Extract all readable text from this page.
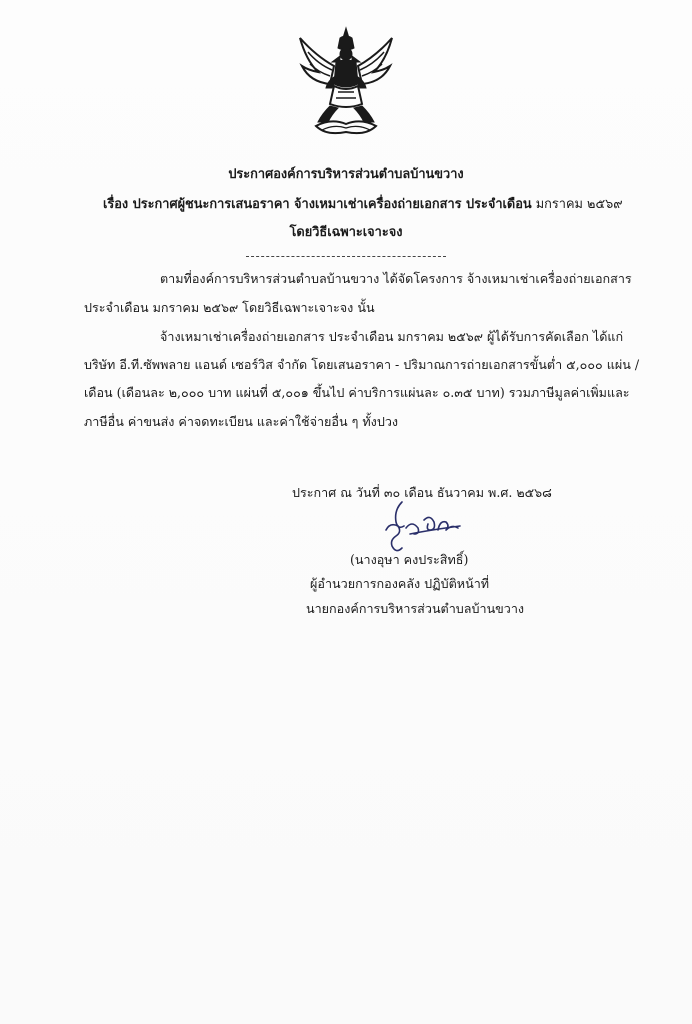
ประกาศองค์การบริหารส่วนตำบลบ้านขวาง
เรื่อง ประกาศผู้ชนะการเสนอราคา จ้างเหมาเช่าเครื่องถ่ายเอกสาร ประจำเดือน มกราคม ๒๕๖๙
โดยวิธีเฉพาะเจาะจง
ตามที่องค์การบริหารส่วนตำบลบ้านขวาง ได้จัดโครงการ จ้างเหมาเช่าเครื่องถ่ายเอกสาร
ประจำเดือน มกราคม ๒๕๖๙ โดยวิธีเฉพาะเจาะจง นั้น
จ้างเหมาเช่าเครื่องถ่ายเอกสาร ประจำเดือน มกราคม ๒๕๖๙ ผู้ได้รับการคัดเลือก ได้แก่
บริษัท อี.ที.ซัพพลาย แอนด์ เซอร์วิส จำกัด โดยเสนอราคา - ปริมาณการถ่ายเอกสารขั้นต่ำ ๕,๐๐๐ แผ่น /
เดือน (เดือนละ ๒,๐๐๐ บาท แผ่นที่ ๕,๐๐๑ ขึ้นไป ค่าบริการแผ่นละ ๐.๓๕ บาท) รวมภาษีมูลค่าเพิ่มและ
ภาษีอื่น ค่าขนส่ง ค่าจดทะเบียน และค่าใช้จ่ายอื่น ๆ ทั้งปวง
ประกาศ ณ วันที่ ๓๐ เดือน ธันวาคม พ.ศ. ๒๕๖๘
(นางอุษา คงประสิทธิ์)
ผู้อำนวยการกองคลัง ปฏิบัติหน้าที่
นายกองค์การบริหารส่วนตำบลบ้านขวาง
